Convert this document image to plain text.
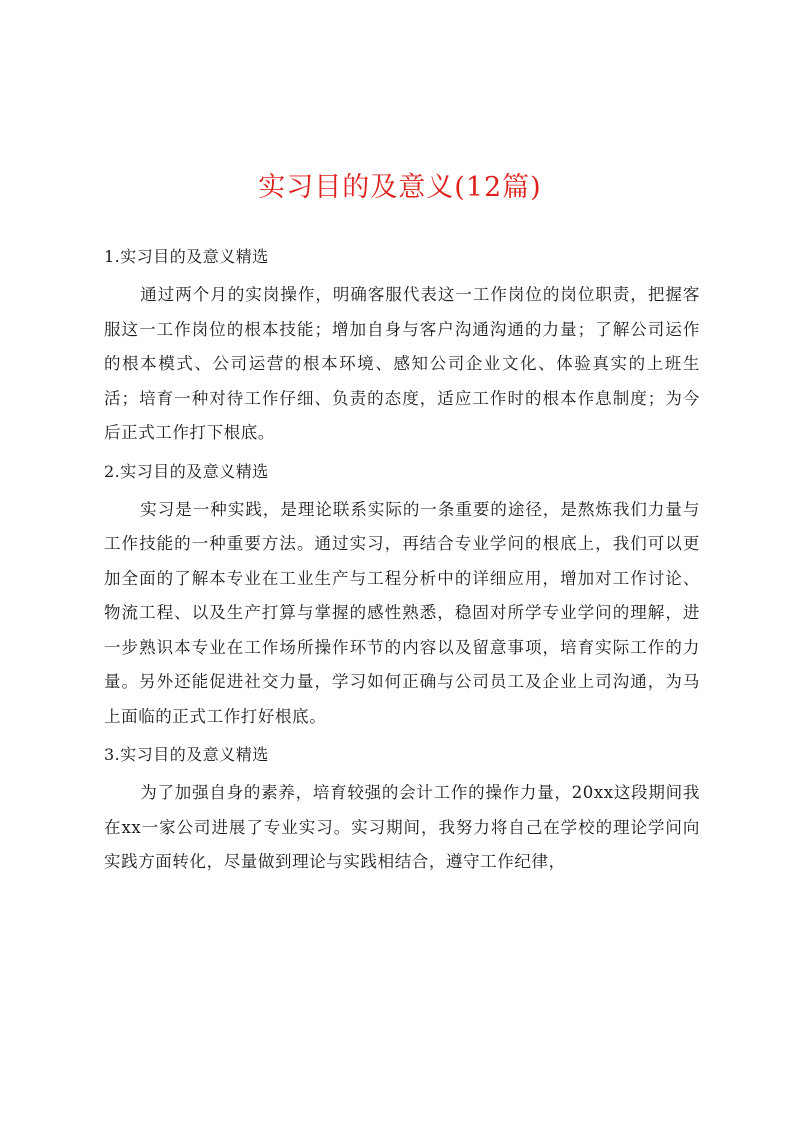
实习目的及意义(12篇)

1.实习目的及意义精选

通过两个月的实岗操作，明确客服代表这一工作岗位的岗位职责，把握客服这一工作岗位的根本技能；增加自身与客户沟通沟通的力量；了解公司运作的根本模式、公司运营的根本环境、感知公司企业文化、体验真实的上班生活；培育一种对待工作仔细、负责的态度，适应工作时的根本作息制度；为今后正式工作打下根底。

2.实习目的及意义精选

实习是一种实践，是理论联系实际的一条重要的途径，是熬炼我们力量与工作技能的一种重要方法。通过实习，再结合专业学问的根底上，我们可以更加全面的了解本专业在工业生产与工程分析中的详细应用，增加对工作讨论、物流工程、以及生产打算与掌握的感性熟悉，稳固对所学专业学问的理解，进一步熟识本专业在工作场所操作环节的内容以及留意事项，培育实际工作的力量。另外还能促进社交力量，学习如何正确与公司员工及企业上司沟通，为马上面临的正式工作打好根底。

3.实习目的及意义精选

为了加强自身的素养，培育较强的会计工作的操作力量，20xx这段期间我在xx一家公司进展了专业实习。实习期间，我努力将自己在学校的理论学问向实践方面转化，尽量做到理论与实践相结合，遵守工作纪律，
